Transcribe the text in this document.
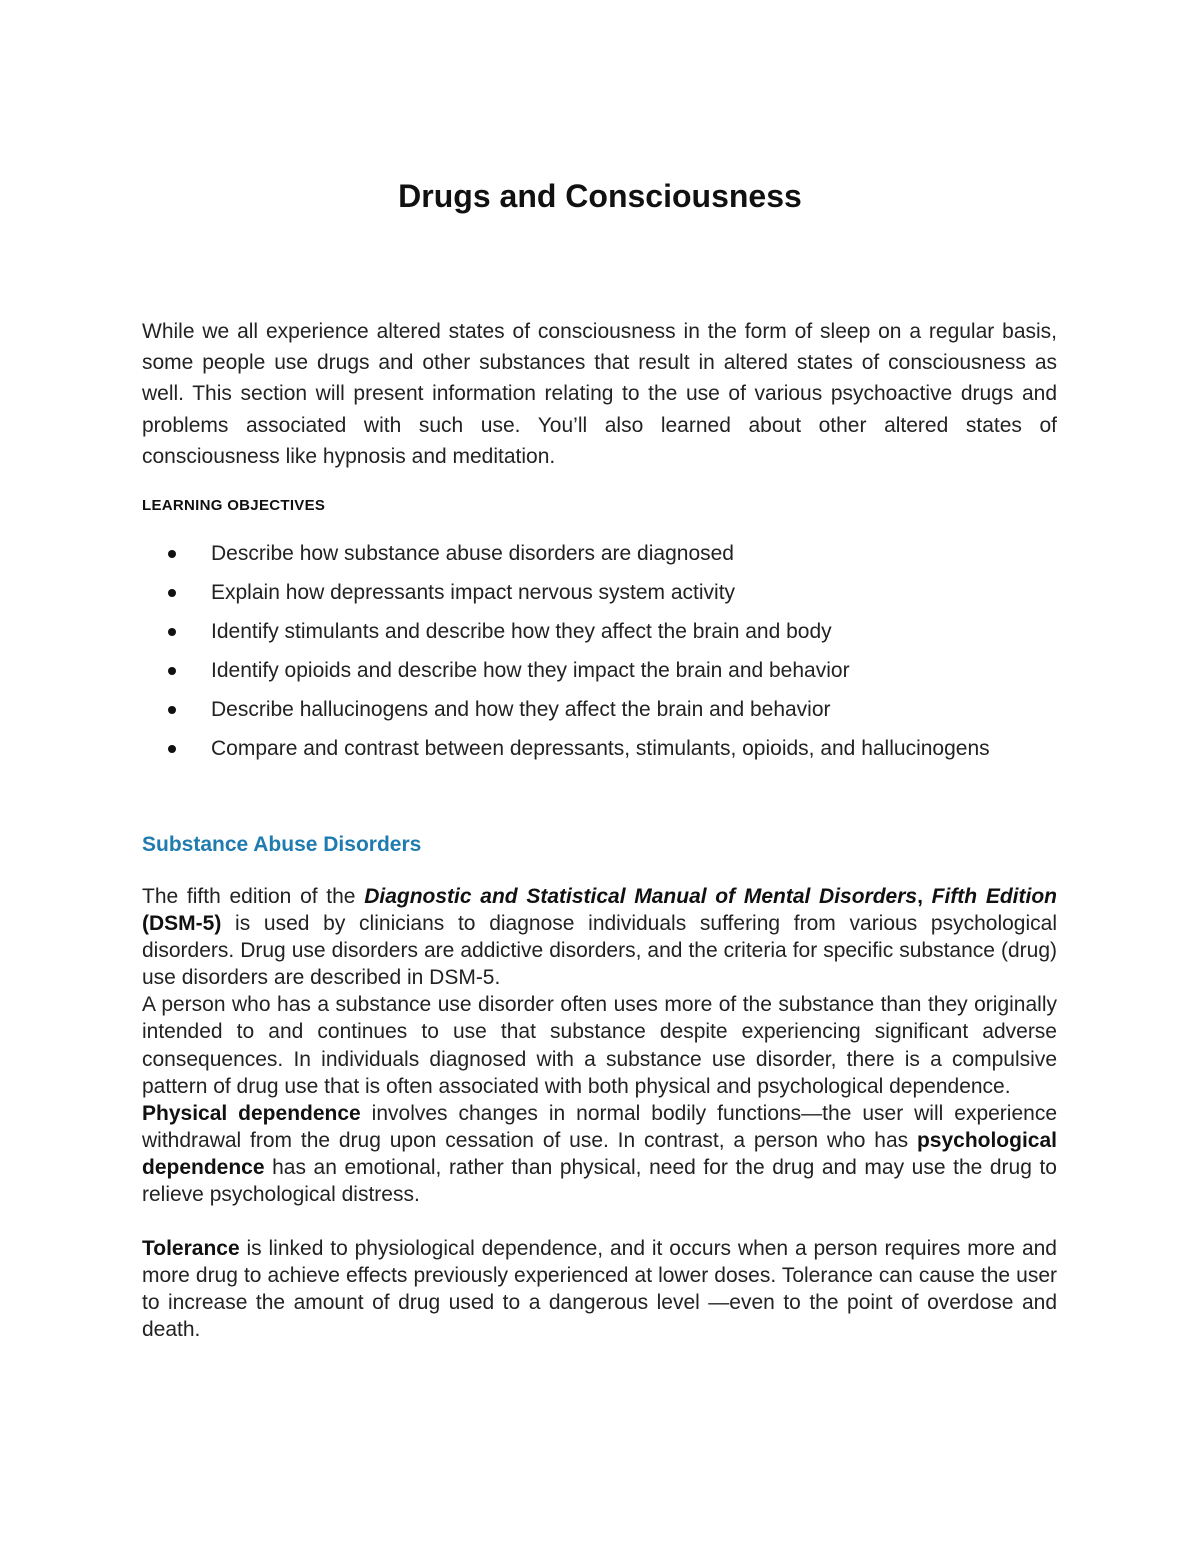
Drugs and Consciousness

While we all experience altered states of consciousness in the form of sleep on a regular basis, some people use drugs and other substances that result in altered states of consciousness as well. This section will present information relating to the use of various psychoactive drugs and problems associated with such use. You’ll also learned about other altered states of consciousness like hypnosis and meditation.

LEARNING OBJECTIVES
Describe how substance abuse disorders are diagnosed
Explain how depressants impact nervous system activity
Identify stimulants and describe how they affect the brain and body
Identify opioids and describe how they impact the brain and behavior
Describe hallucinogens and how they affect the brain and behavior
Compare and contrast between depressants, stimulants, opioids, and hallucinogens
Substance Abuse Disorders

The fifth edition of the Diagnostic and Statistical Manual of Mental Disorders, Fifth Edition (DSM-5) is used by clinicians to diagnose individuals suffering from various psychological disorders. Drug use disorders are addictive disorders, and the criteria for specific substance (drug) use disorders are described in DSM-5.

A person who has a substance use disorder often uses more of the substance than they originally intended to and continues to use that substance despite experiencing significant adverse consequences. In individuals diagnosed with a substance use disorder, there is a compulsive pattern of drug use that is often associated with both physical and psychological dependence.

Physical dependence involves changes in normal bodily functions—the user will experience withdrawal from the drug upon cessation of use. In contrast, a person who has psychological dependence has an emotional, rather than physical, need for the drug and may use the drug to relieve psychological distress.

Tolerance is linked to physiological dependence, and it occurs when a person requires more and more drug to achieve effects previously experienced at lower doses. Tolerance can cause the user to increase the amount of drug used to a dangerous level —even to the point of overdose and death.
